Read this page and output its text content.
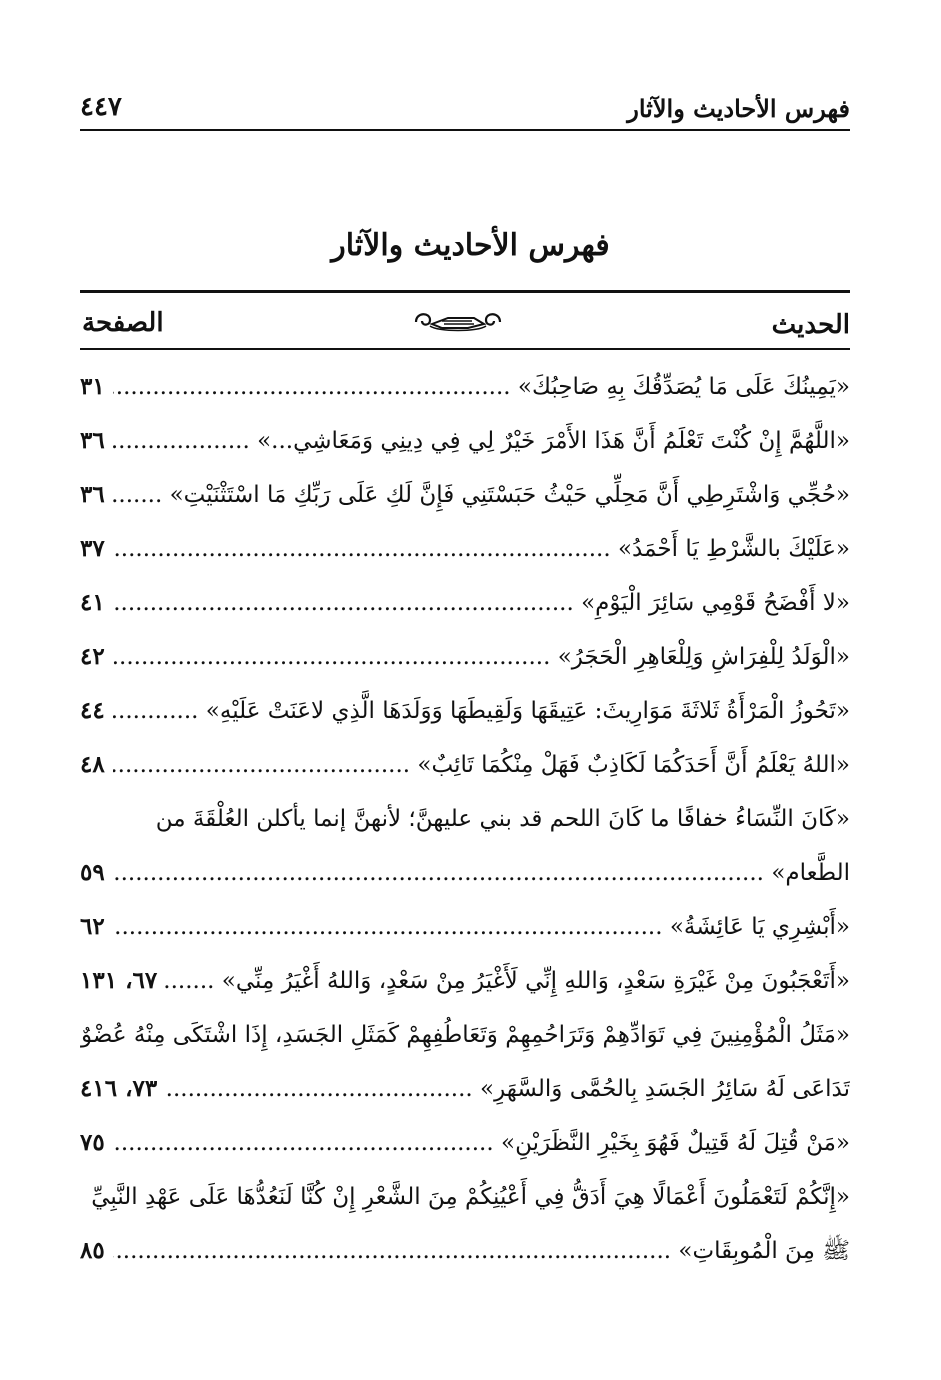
فهرس الأحاديث والآثار
٤٤٧
فهرس الأحاديث والآثار
الحديث
الصفحة
٣١	«يَمِينُكَ عَلَى مَا يُصَدِّقُكَ بِهِ صَاحِبُكَ» .....
٣٦	«اللَّهُمَّ إِنْ كُنْتَ تَعْلَمُ أَنَّ هَذَا الأَمْرَ خَيْرٌ لِي فِي دِينِي وَمَعَاشِي...» .....
٣٦	«حُجِّي وَاشْتَرِطِي أَنَّ مَحِلِّي حَيْثُ حَبَسْتَنِي فَإِنَّ لَكِ عَلَى رَبِّكِ مَا اسْتَثْنَيْتِ» .....
٣٧	«عَلَيْكَ بالشَّرْطِ يَا أَحْمَدُ» .....
٤١	«لا أَفْضَحُ قَوْمِي سَائِرَ الْيَوْمِ» .....
٤٢	«الْوَلَدُ لِلْفِرَاشِ وَلِلْعَاهِرِ الْحَجَرُ» .....
٤٤	«تَحُوزُ الْمَرْأَةُ ثَلاثَةَ مَوَارِيثَ: عَتِيقَهَا وَلَقِيطَهَا وَوَلَدَهَا الَّذِي لاعَنَتْ عَلَيْهِ» .....
٤٨	«اللهُ يَعْلَمُ أَنَّ أَحَدَكُمَا لَكَاذِبٌ فَهَلْ مِنْكُمَا تَائِبٌ» .....
«كَانَ النِّسَاءُ خفافًا ما كَانَ اللحم قد بني عليهنَّ؛ لأنهنَّ إنما يأكلن العُلْقَةَ من
٥٩	الطَّعام» .....
٦٢	«أَبْشِرِي يَا عَائِشَةُ» .....
٦٧، ١٣١	«أَتَعْجَبُونَ مِنْ غَيْرَةِ سَعْدٍ، وَاللهِ إِنِّي لَأَغْيَرُ مِنْ سَعْدٍ، وَاللهُ أَغْيَرُ مِنِّي» .....
«مَثَلُ الْمُؤْمِنِينَ فِي تَوَادِّهِمْ وَتَرَاحُمِهِمْ وَتَعَاطُفِهِمْ كَمَثَلِ الجَسَدِ، إِذَا اشْتَكَى مِنْهُ عُضْوٌ
٧٣، ٤١٦	تَدَاعَى لَهُ سَائِرُ الجَسَدِ بِالحُمَّى وَالسَّهَرِ» .....
٧٥	«مَنْ قُتِلَ لَهُ قَتِيلٌ فَهُوَ بِخَيْرِ النَّظَرَيْنِ» .....
«إِنَّكُمْ لَتَعْمَلُونَ أَعْمَالًا هِيَ أَدَقُّ فِي أَعْيُنِكُمْ مِنَ الشَّعْرِ إِنْ كُنَّا لَنَعُدُّهَا عَلَى عَهْدِ النَّبِيِّ
٨٥	ﷺ مِنَ الْمُوبِقَاتِ» .....
